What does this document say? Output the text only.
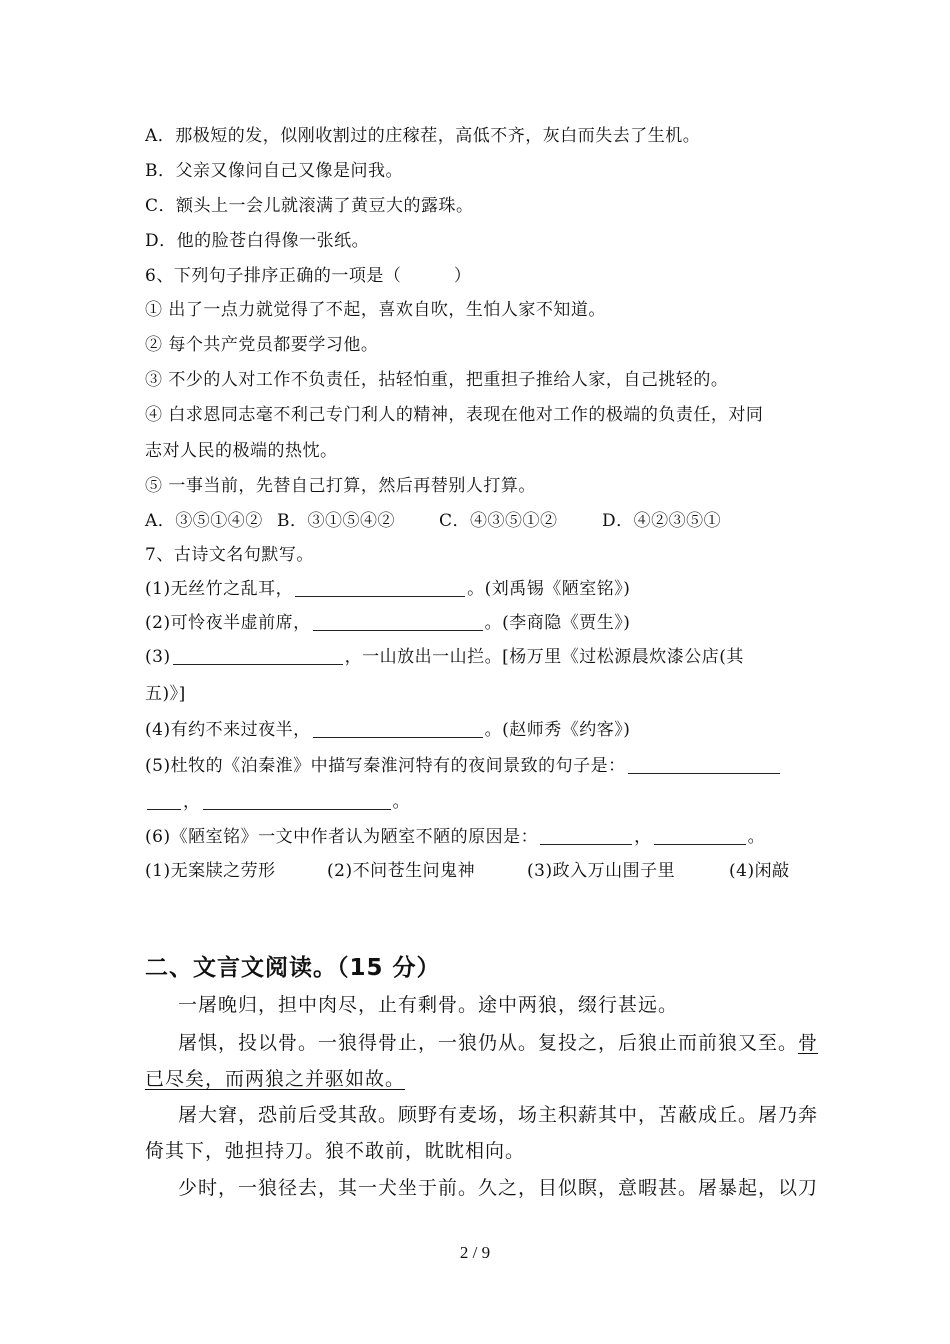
A．那极短的发，似刚收割过的庄稼茬，高低不齐，灰白而失去了生机。
B．父亲又像问自己又像是问我。
C．额头上一会儿就滚满了黄豆大的露珠。
D．他的脸苍白得像一张纸。
6、下列句子排序正确的一项是（　　　）
① 出了一点力就觉得了不起，喜欢自吹，生怕人家不知道。
② 每个共产党员都要学习他。
③ 不少的人对工作不负责任，拈轻怕重，把重担子推给人家，自己挑轻的。
④ 白求恩同志毫不利己专门利人的精神，表现在他对工作的极端的负责任，对同
志对人民的极端的热忱。
⑤ 一事当前，先替自己打算，然后再替别人打算。
A．③⑤①④② B．③①⑤④②	C．④③⑤①②	D．④②③⑤①
7、古诗文名句默写。
(1)无丝竹之乱耳，	。(刘禹锡《陋室铭》)
(2)可怜夜半虚前席，	。(李商隐《贾生》)
(3)	，一山放出一山拦。[杨万里《过松源晨炊漆公店(其
五)》]
(4)有约不来过夜半，	。(赵师秀《约客》)
(5)杜牧的《泊秦淮》中描写秦淮河特有的夜间景致的句子是：
，	。
(6)《陋室铭》一文中作者认为陋室不陋的原因是：	，	。
(1)无案牍之劳形	(2)不问苍生问鬼神	(3)政入万山围子里	(4)闲敲
二、文言文阅读。（15 分）
一屠晚归，担中肉尽，止有剩骨。途中两狼，缀行甚远。
屠惧，投以骨。一狼得骨止，一狼仍从。复投之，后狼止而前狼又至。骨
已尽矣，而两狼之并驱如故。
屠大窘，恐前后受其敌。顾野有麦场，场主积薪其中，苫蔽成丘。屠乃奔
倚其下，弛担持刀。狼不敢前，眈眈相向。
少时，一狼径去，其一犬坐于前。久之，目似瞑，意暇甚。屠暴起，以刀
2 / 9
